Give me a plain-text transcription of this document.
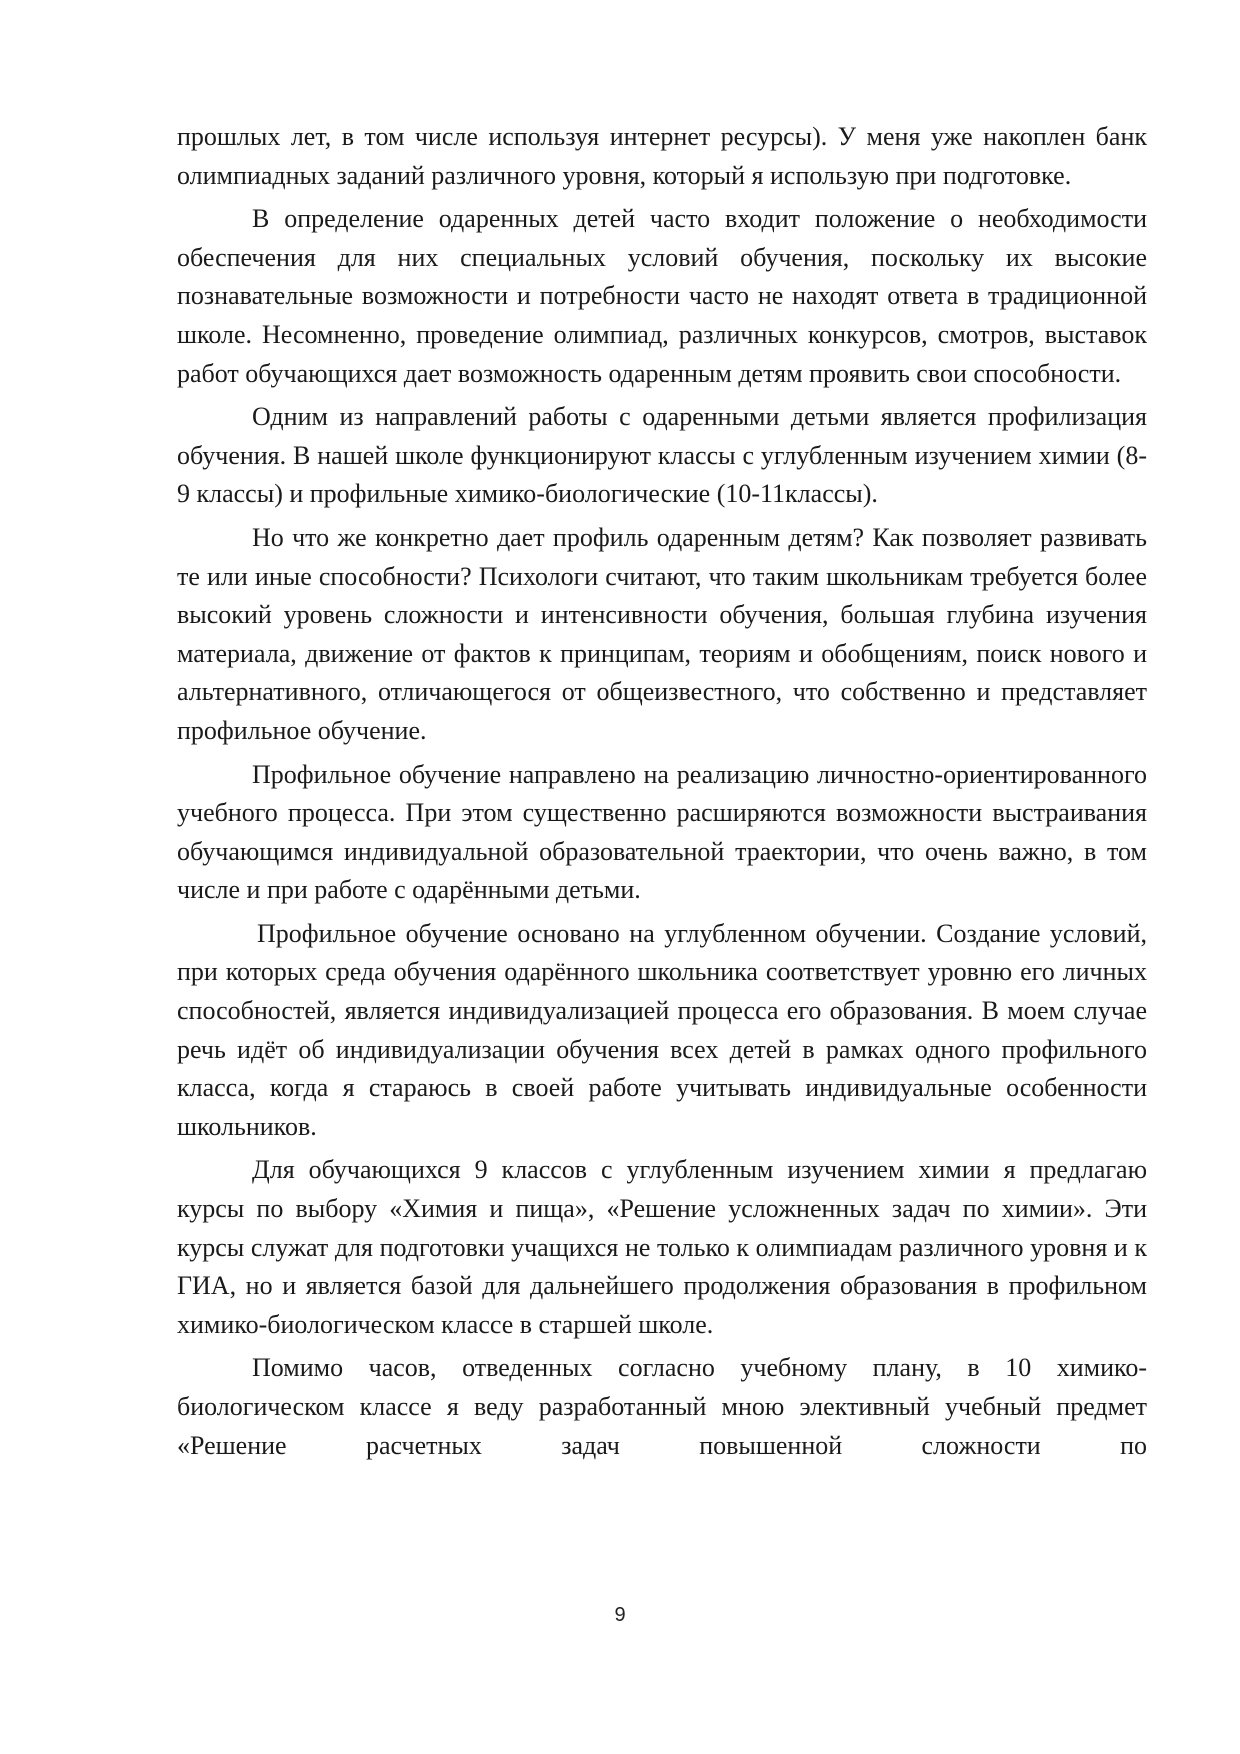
прошлых лет, в том числе используя интернет ресурсы). У меня уже накоплен банк олимпиадных заданий различного уровня, который я использую при подготовке.

В определение одаренных детей часто входит положение о необходимости обеспечения для них специальных условий обучения, поскольку их высокие познавательные возможности и потребности часто не находят ответа в традиционной школе. Несомненно, проведение олимпиад, различных конкурсов, смотров, выставок работ обучающихся дает возможность одаренным детям проявить свои способности.

Одним из направлений работы с одаренными детьми является профилизация обучения. В нашей школе функционируют классы с углубленным изучением химии (8-9 классы) и профильные химико-биологические (10-11классы).

Но что же конкретно дает профиль одаренным детям? Как позволяет развивать те или иные способности? Психологи считают, что таким школьникам требуется более высокий уровень сложности и интенсивности обучения, большая глубина изучения материала, движение от фактов к принципам, теориям и обобщениям, поиск нового и альтернативного, отличающегося от общеизвестного, что собственно и представляет профильное обучение.

Профильное обучение направлено на реализацию личностно-ориентированного учебного процесса. При этом существенно расширяются возможности выстраивания обучающимся индивидуальной образовательной траектории, что очень важно, в том числе и при работе с одарёнными детьми.

Профильное обучение основано на углубленном обучении. Создание условий, при которых среда обучения одарённого школьника соответствует уровню его личных способностей, является индивидуализацией процесса его образования. В моем случае речь идёт об индивидуализации обучения всех детей в рамках одного профильного класса, когда я стараюсь в своей работе учитывать индивидуальные особенности школьников.

Для обучающихся 9 классов с углубленным изучением химии я предлагаю курсы по выбору «Химия и пища», «Решение усложненных задач по химии». Эти курсы служат для подготовки учащихся не только к олимпиадам различного уровня и к ГИА, но и является базой для дальнейшего продолжения образования в профильном химико-биологическом классе в старшей школе.

Помимо часов, отведенных согласно учебному плану, в 10 химико-биологическом классе я веду разработанный мною элективный учебный предмет «Решение расчетных задач повышенной сложности по

9
